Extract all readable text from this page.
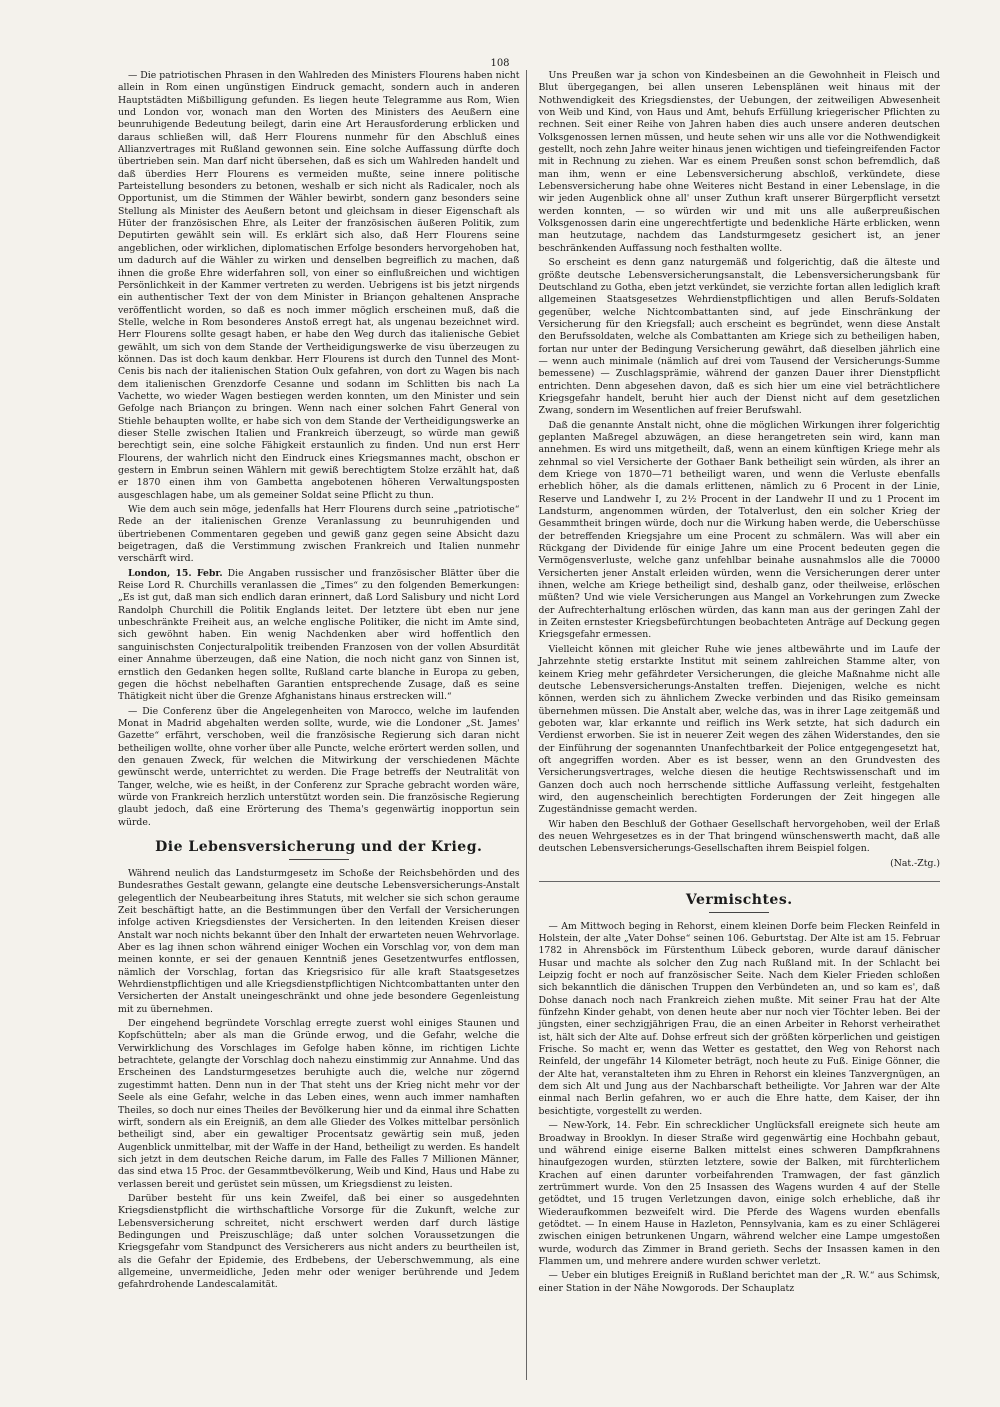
108

— Die patriotischen Phrasen in den Wahlreden des Ministers Flourens haben nicht allein in Rom einen ungünstigen Eindruck gemacht, sondern auch in anderen Hauptstädten Mißbilligung gefunden. Es liegen heute Telegramme aus Rom, Wien und London vor, wonach man den Worten des Ministers des Aeußern eine beunruhigende Bedeutung beilegt, darin eine Art Herausforderung erblicken und daraus schließen will, daß Herr Flourens nunmehr für den Abschluß eines Allianzvertrages mit Rußland gewonnen sein. Eine solche Auffassung dürfte doch übertrieben sein. Man darf nicht übersehen, daß es sich um Wahlreden handelt und daß überdies Herr Flourens es vermeiden mußte, seine innere politische Parteistellung besonders zu betonen, weshalb er sich nicht als Radicaler, noch als Opportunist, um die Stimmen der Wähler bewirbt, sondern ganz besonders seine Stellung als Minister des Aeußern betont und gleichsam in dieser Eigenschaft als Hüter der französischen Ehre, als Leiter der französischen äußeren Politik, zum Deputirten gewählt sein will. Es erklärt sich also, daß Herr Flourens seine angeblichen, oder wirklichen, diplomatischen Erfolge besonders hervorgehoben hat, um dadurch auf die Wähler zu wirken und denselben begreiflich zu machen, daß ihnen die große Ehre widerfahren soll, von einer so einflußreichen und wichtigen Persönlichkeit in der Kammer vertreten zu werden. Uebrigens ist bis jetzt nirgends ein authentischer Text der von dem Minister in Briançon gehaltenen Ansprache veröffentlicht worden, so daß es noch immer möglich erscheinen muß, daß die Stelle, welche in Rom besonderes Anstoß erregt hat, als ungenau bezeichnet wird. Herr Flourens sollte gesagt haben, er habe den Weg durch das italienische Gebiet gewählt, um sich von dem Stande der Vertheidigungswerke de visu überzeugen zu können. Das ist doch kaum denkbar. Herr Flourens ist durch den Tunnel des Mont-Cenis bis nach der italienischen Station Oulx gefahren, von dort zu Wagen bis nach dem italienischen Grenzdorfe Cesanne und sodann im Schlitten bis nach La Vachette, wo wieder Wagen bestiegen werden konnten, um den Minister und sein Gefolge nach Briançon zu bringen. Wenn nach einer solchen Fahrt General von Stiehle behaupten wollte, er habe sich von dem Stande der Vertheidigungswerke an dieser Stelle zwischen Italien und Frankreich überzeugt, so würde man gewiß berechtigt sein, eine solche Fähigkeit erstaunlich zu finden. Und nun erst Herr Flourens, der wahrlich nicht den Eindruck eines Kriegsmannes macht, obschon er gestern in Embrun seinen Wählern mit gewiß berechtigtem Stolze erzählt hat, daß er 1870 einen ihm von Gambetta angebotenen höheren Verwaltungsposten ausgeschlagen habe, um als gemeiner Soldat seine Pflicht zu thun.

Wie dem auch sein möge, jedenfalls hat Herr Flourens durch seine „patriotische“ Rede an der italienischen Grenze Veranlassung zu beunruhigenden und übertriebenen Commentaren gegeben und gewiß ganz gegen seine Absicht dazu beigetragen, daß die Verstimmung zwischen Frankreich und Italien nunmehr verschärft wird.

London, 15. Febr. Die Angaben russischer und französischer Blätter über die Reise Lord R. Churchills veranlassen die „Times“ zu den folgenden Bemerkungen: „Es ist gut, daß man sich endlich daran erinnert, daß Lord Salisbury und nicht Lord Randolph Churchill die Politik Englands leitet. Der letztere übt eben nur jene unbeschränkte Freiheit aus, an welche englische Politiker, die nicht im Amte sind, sich gewöhnt haben. Ein wenig Nachdenken aber wird hoffentlich den sanguinischsten Conjecturalpolitik treibenden Franzosen von der vollen Absurdität einer Annahme überzeugen, daß eine Nation, die noch nicht ganz von Sinnen ist, ernstlich den Gedanken hegen sollte, Rußland carte blanche in Europa zu geben, gegen die höchst nebelhaften Garantien entsprechende Zusage, daß es seine Thätigkeit nicht über die Grenze Afghanistans hinaus erstrecken will.“

— Die Conferenz über die Angelegenheiten von Marocco, welche im laufenden Monat in Madrid abgehalten werden sollte, wurde, wie die Londoner „St. James' Gazette“ erfährt, verschoben, weil die französische Regierung sich daran nicht betheiligen wollte, ohne vorher über alle Puncte, welche erörtert werden sollen, und den genauen Zweck, für welchen die Mitwirkung der verschiedenen Mächte gewünscht werde, unterrichtet zu werden. Die Frage betreffs der Neutralität von Tanger, welche, wie es heißt, in der Conferenz zur Sprache gebracht worden wäre, würde von Frankreich herzlich unterstützt worden sein. Die französische Regierung glaubt jedoch, daß eine Erörterung des Thema's gegenwärtig inopportun sein würde.

Die Lebensversicherung und der Krieg.

Während neulich das Landsturmgesetz im Schoße der Reichsbehörden und des Bundesrathes Gestalt gewann, gelangte eine deutsche Lebensversicherungs-Anstalt gelegentlich der Neubearbeitung ihres Statuts, mit welcher sie sich schon geraume Zeit beschäftigt hatte, an die Bestimmungen über den Verfall der Versicherungen infolge activen Kriegsdienstes der Versicherten. In den leitenden Kreisen dieser Anstalt war noch nichts bekannt über den Inhalt der erwarteten neuen Wehrvorlage. Aber es lag ihnen schon während einiger Wochen ein Vorschlag vor, von dem man meinen konnte, er sei der genauen Kenntniß jenes Gesetzentwurfes entflossen, nämlich der Vorschlag, fortan das Kriegsrisico für alle kraft Staatsgesetzes Wehrdienstpflichtigen und alle Kriegsdienstpflichtigen Nichtcombattanten unter den Versicherten der Anstalt uneingeschränkt und ohne jede besondere Gegenleistung mit zu übernehmen.

Der eingehend begründete Vorschlag erregte zuerst wohl einiges Staunen und Kopfschütteln; aber als man die Gründe erwog, und die Gefahr, welche die Verwirklichung des Vorschlages im Gefolge haben könne, im richtigen Lichte betrachtete, gelangte der Vorschlag doch nahezu einstimmig zur Annahme. Und das Erscheinen des Landsturmgesetzes beruhigte auch die, welche nur zögernd zugestimmt hatten. Denn nun in der That steht uns der Krieg nicht mehr vor der Seele als eine Gefahr, welche in das Leben eines, wenn auch immer namhaften Theiles, so doch nur eines Theiles der Bevölkerung hier und da einmal ihre Schatten wirft, sondern als ein Ereigniß, an dem alle Glieder des Volkes mittelbar persönlich betheiligt sind, aber ein gewaltiger Procentsatz gewärtig sein muß, jeden Augenblick unmittelbar, mit der Waffe in der Hand, betheiligt zu werden. Es handelt sich jetzt in dem deutschen Reiche darum, im Falle des Falles 7 Millionen Männer, das sind etwa 15 Proc. der Gesammtbevölkerung, Weib und Kind, Haus und Habe zu verlassen bereit und gerüstet sein müssen, um Kriegsdienst zu leisten.

Darüber besteht für uns kein Zweifel, daß bei einer so ausgedehnten Kriegsdienstpflicht die wirthschaftliche Vorsorge für die Zukunft, welche zur Lebensversicherung schreitet, nicht erschwert werden darf durch lästige Bedingungen und Preiszuschläge; daß unter solchen Voraussetzungen die Kriegsgefahr vom Standpunct des Versicherers aus nicht anders zu beurtheilen ist, als die Gefahr der Epidemie, des Erdbebens, der Ueberschwemmung, als eine allgemeine, unvermeidliche, Jeden mehr oder weniger berührende und Jedem gefahrdrohende Landescalamität.

Uns Preußen war ja schon von Kindesbeinen an die Gewohnheit in Fleisch und Blut übergegangen, bei allen unseren Lebensplänen weit hinaus mit der Nothwendigkeit des Kriegsdienstes, der Uebungen, der zeitweiligen Abwesenheit von Weib und Kind, von Haus und Amt, behufs Erfüllung kriegerischer Pflichten zu rechnen. Seit einer Reihe von Jahren haben dies auch unsere anderen deutschen Volksgenossen lernen müssen, und heute sehen wir uns alle vor die Nothwendigkeit gestellt, noch zehn Jahre weiter hinaus jenen wichtigen und tiefeingreifenden Factor mit in Rechnung zu ziehen. War es einem Preußen sonst schon befremdlich, daß man ihm, wenn er eine Lebensversicherung abschloß, verkündete, diese Lebensversicherung habe ohne Weiteres nicht Bestand in einer Lebenslage, in die wir jeden Augenblick ohne all' unser Zuthun kraft unserer Bürgerpflicht versetzt werden konnten, — so würden wir und mit uns alle außerpreußischen Volksgenossen darin eine ungerechtfertigte und bedenkliche Härte erblicken, wenn man heutzutage, nachdem das Landsturmgesetz gesichert ist, an jener beschränkenden Auffassung noch festhalten wollte.

So erscheint es denn ganz naturgemäß und folgerichtig, daß die älteste und größte deutsche Lebensversicherungsanstalt, die Lebensversicherungsbank für Deutschland zu Gotha, eben jetzt verkündet, sie verzichte fortan allen lediglich kraft allgemeinen Staatsgesetzes Wehrdienstpflichtigen und allen Berufs-Soldaten gegenüber, welche Nichtcombattanten sind, auf jede Einschränkung der Versicherung für den Kriegsfall; auch erscheint es begründet, wenn diese Anstalt den Berufssoldaten, welche als Combattanten am Kriege sich zu betheiligen haben, fortan nur unter der Bedingung Versicherung gewährt, daß dieselben jährlich eine — wenn auch minimale (nämlich auf drei vom Tausend der Versicherungs-Summe bemessene) — Zuschlagsprämie, während der ganzen Dauer ihrer Dienstpflicht entrichten. Denn abgesehen davon, daß es sich hier um eine viel beträchtlichere Kriegsgefahr handelt, beruht hier auch der Dienst nicht auf dem gesetzlichen Zwang, sondern im Wesentlichen auf freier Berufswahl.

Daß die genannte Anstalt nicht, ohne die möglichen Wirkungen ihrer folgerichtig geplanten Maßregel abzuwägen, an diese herangetreten sein wird, kann man annehmen. Es wird uns mitgetheilt, daß, wenn an einem künftigen Kriege mehr als zehnmal so viel Versicherte der Gothaer Bank betheiligt sein würden, als ihrer an dem Kriege von 1870—71 betheiligt waren, und wenn die Verluste ebenfalls erheblich höher, als die damals erlittenen, nämlich zu 6 Procent in der Linie, Reserve und Landwehr I, zu 2½ Procent in der Landwehr II und zu 1 Procent im Landsturm, angenommen würden, der Totalverlust, den ein solcher Krieg der Gesammtheit bringen würde, doch nur die Wirkung haben werde, die Ueberschüsse der betreffenden Kriegsjahre um eine Procent zu schmälern. Was will aber ein Rückgang der Dividende für einige Jahre um eine Procent bedeuten gegen die Vermögensverluste, welche ganz unfehlbar beinahe ausnahmslos alle die 70000 Versicherten jener Anstalt erleiden würden, wenn die Versicherungen derer unter ihnen, welche am Kriege betheiligt sind, deshalb ganz, oder theilweise, erlöschen müßten? Und wie viele Versicherungen aus Mangel an Vorkehrungen zum Zwecke der Aufrechterhaltung erlöschen würden, das kann man aus der geringen Zahl der in Zeiten ernstester Kriegsbefürchtungen beobachteten Anträge auf Deckung gegen Kriegsgefahr ermessen.

Vielleicht können mit gleicher Ruhe wie jenes altbewährte und im Laufe der Jahrzehnte stetig erstarkte Institut mit seinem zahlreichen Stamme alter, von keinem Krieg mehr gefährdeter Versicherungen, die gleiche Maßnahme nicht alle deutsche Lebensversicherungs-Anstalten treffen. Diejenigen, welche es nicht können, werden sich zu ähnlichem Zwecke verbinden und das Risiko gemeinsam übernehmen müssen. Die Anstalt aber, welche das, was in ihrer Lage zeitgemäß und geboten war, klar erkannte und reiflich ins Werk setzte, hat sich dadurch ein Verdienst erworben. Sie ist in neuerer Zeit wegen des zähen Widerstandes, den sie der Einführung der sogenannten Unanfechtbarkeit der Police entgegengesetzt hat, oft angegriffen worden. Aber es ist besser, wenn an den Grundvesten des Versicherungsvertrages, welche diesen die heutige Rechtswissenschaft und im Ganzen doch auch noch herrschende sittliche Auffassung verleiht, festgehalten wird, den augenscheinlich berechtigten Forderungen der Zeit hingegen alle Zugeständnisse gemacht werden.

Wir haben den Beschluß der Gothaer Gesellschaft hervorgehoben, weil der Erlaß des neuen Wehrgesetzes es in der That bringend wünschenswerth macht, daß alle deutschen Lebensversicherungs-Gesellschaften ihrem Beispiel folgen.

(Nat.-Ztg.)
Vermischtes.

— Am Mittwoch beging in Rehorst, einem kleinen Dorfe beim Flecken Reinfeld in Holstein, der alte „Vater Dohse“ seinen 106. Geburtstag. Der Alte ist am 15. Februar 1782 in Ahrensböck im Fürstenthum Lübeck geboren, wurde darauf dänischer Husar und machte als solcher den Zug nach Rußland mit. In der Schlacht bei Leipzig focht er noch auf französischer Seite. Nach dem Kieler Frieden schloßen sich bekanntlich die dänischen Truppen den Verbündeten an, und so kam es', daß Dohse danach noch nach Frankreich ziehen mußte. Mit seiner Frau hat der Alte fünfzehn Kinder gehabt, von denen heute aber nur noch vier Töchter leben. Bei der jüngsten, einer sechzigjährigen Frau, die an einen Arbeiter in Rehorst verheirathet ist, hält sich der Alte auf. Dohse erfreut sich der größten körperlichen und geistigen Frische. So macht er, wenn das Wetter es gestattet, den Weg von Rehorst nach Reinfeld, der ungefähr 14 Kilometer beträgt, noch heute zu Fuß. Einige Gönner, die der Alte hat, veranstalteten ihm zu Ehren in Rehorst ein kleines Tanzvergnügen, an dem sich Alt und Jung aus der Nachbarschaft betheiligte. Vor Jahren war der Alte einmal nach Berlin gefahren, wo er auch die Ehre hatte, dem Kaiser, der ihn besichtigte, vorgestellt zu werden.

— New-York, 14. Febr. Ein schrecklicher Unglücksfall ereignete sich heute am Broadway in Brooklyn. In dieser Straße wird gegenwärtig eine Hochbahn gebaut, und während einige eiserne Balken mittelst eines schweren Dampfkrahnens hinaufgezogen wurden, stürzten letztere, sowie der Balken, mit fürchterlichem Krachen auf einen darunter vorbeifahrenden Tramwagen, der fast gänzlich zertrümmert wurde. Von den 25 Insassen des Wagens wurden 4 auf der Stelle getödtet, und 15 trugen Verletzungen davon, einige solch erhebliche, daß ihr Wiederaufkommen bezweifelt wird. Die Pferde des Wagens wurden ebenfalls getödtet. — In einem Hause in Hazleton, Pennsylvania, kam es zu einer Schlägerei zwischen einigen betrunkenen Ungarn, während welcher eine Lampe umgestoßen wurde, wodurch das Zimmer in Brand gerieth. Sechs der Insassen kamen in den Flammen um, und mehrere andere wurden schwer verletzt.

— Ueber ein blutiges Ereigniß in Rußland berichtet man der „R. W.“ aus Schimsk, einer Station in der Nähe Nowgorods. Der Schauplatz
